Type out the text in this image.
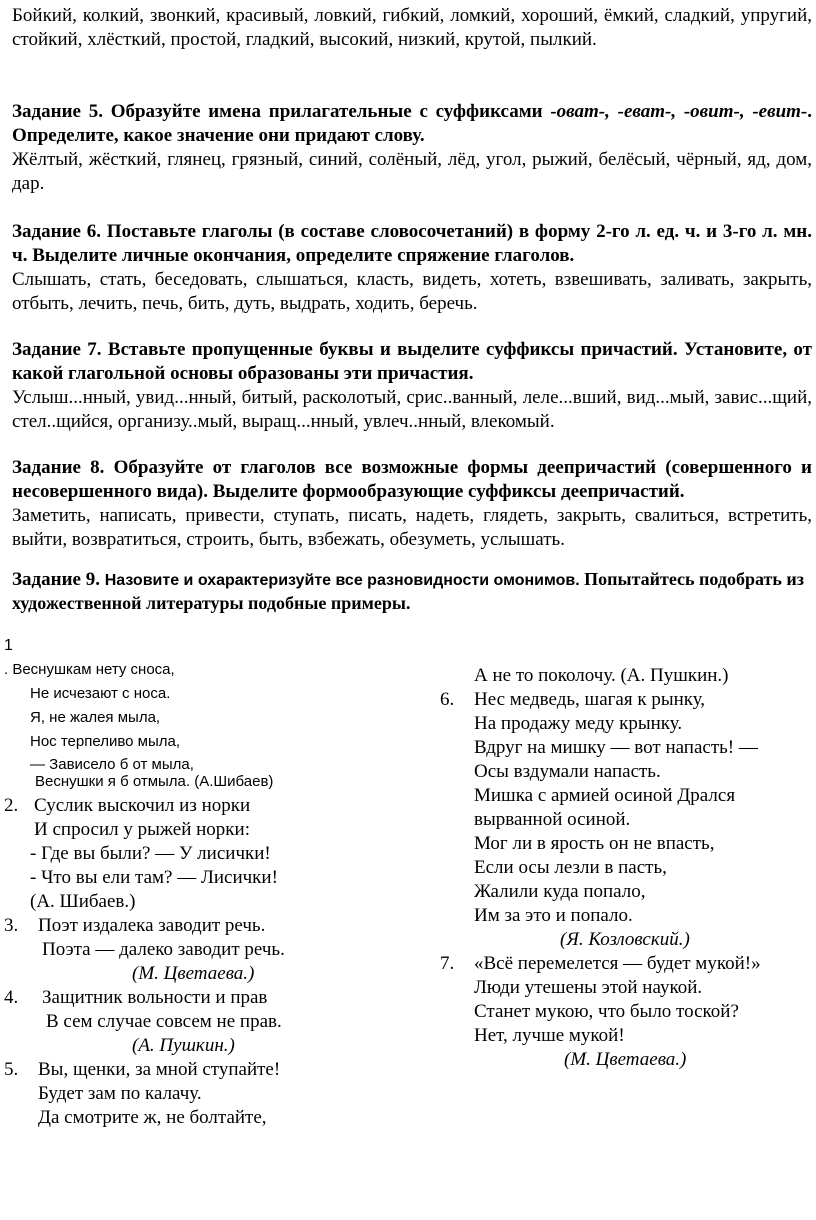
Бойкий, колкий, звонкий, красивый, ловкий, гибкий, ломкий, хороший, ёмкий, сладкий, упругий, стойкий, хлёсткий, простой, гладкий, высокий, низкий, крутой, пылкий.

Задание 5. Образуйте имена прилагательные с суффиксами -оват-, -еват-, -овит-, -евит-. Определите, какое значение они придают слову.
Жёлтый, жёсткий, глянец, грязный, синий, солёный, лёд, угол, рыжий, белёсый, чёрный, яд, дом, дар.
Задание 6. Поставьте глаголы (в составе словосочетаний) в форму 2-го л. ед. ч. и 3-го л. мн. ч. Выделите личные окончания, определите спряжение глаголов.
Слышать, стать, беседовать, слышаться, класть, видеть, хотеть, взвешивать, заливать, закрыть, отбыть, лечить, печь, бить, дуть, выдрать, ходить, беречь.
Задание 7. Вставьте пропущенные буквы и выделите суффиксы причастий. Установите, от какой глагольной основы образованы эти причастия.
Услыш...нный, увид...нный, битый, расколотый, срис..ванный, леле...вший, вид...мый, завис...щий, стел..щийся, организу..мый, выращ...нный, увлеч..нный, влекомый.
Задание 8. Образуйте от глаголов все возможные формы деепричастий (совершенного и несовершенного вида). Выделите формообразующие суффиксы деепричастий.
Заметить, написать, привести, ступать, писать, надеть, глядеть, закрыть, свалиться, встретить, выйти, возвратиться, строить, быть, взбежать, обезуметь, услышать.
Задание 9. Назовите и охарактеризуйте все разновидности омонимов. Попытайтесь подобрать из художественной литературы подобные примеры.
1
. Веснушкам нету сноса,
Не исчезают с носа.
Я, не жалея мыла,
Нос терпеливо мыла,
— Зависело б от мыла,
Веснушки я б отмыла. (А.Шибаев)
2. Суслик выскочил из норки
И спросил у рыжей норки:
- Где вы были? — У лисички!
- Что вы ели там? — Лисички!
(А. Шибаев.)
3. Поэт издалека заводит речь.
Поэта — далеко заводит речь.
(М. Цветаева.)
4. Защитник вольности и прав
В сем случае совсем не прав.
(А. Пушкин.)
5. Вы, щенки, за мной ступайте!
Будет зам по калачу.
Да смотрите ж, не болтайте,
А не то поколочу. (А. Пушкин.)
6. Нес медведь, шагая к рынку,
На продажу меду крынку.
Вдруг на мишку — вот напасть! —
Осы вздумали напасть.
Мишка с армией осиной Дрался
вырванной осиной.
Мог ли в ярость он не впасть,
Если осы лезли в пасть,
Жалили куда попало,
Им за это и попало.
(Я. Козловский.)
7. «Всё перемелется — будет мукой!»
Люди утешены этой наукой.
Станет мукою, что было тоской?
Нет, лучше мукой!
(М. Цветаева.)
